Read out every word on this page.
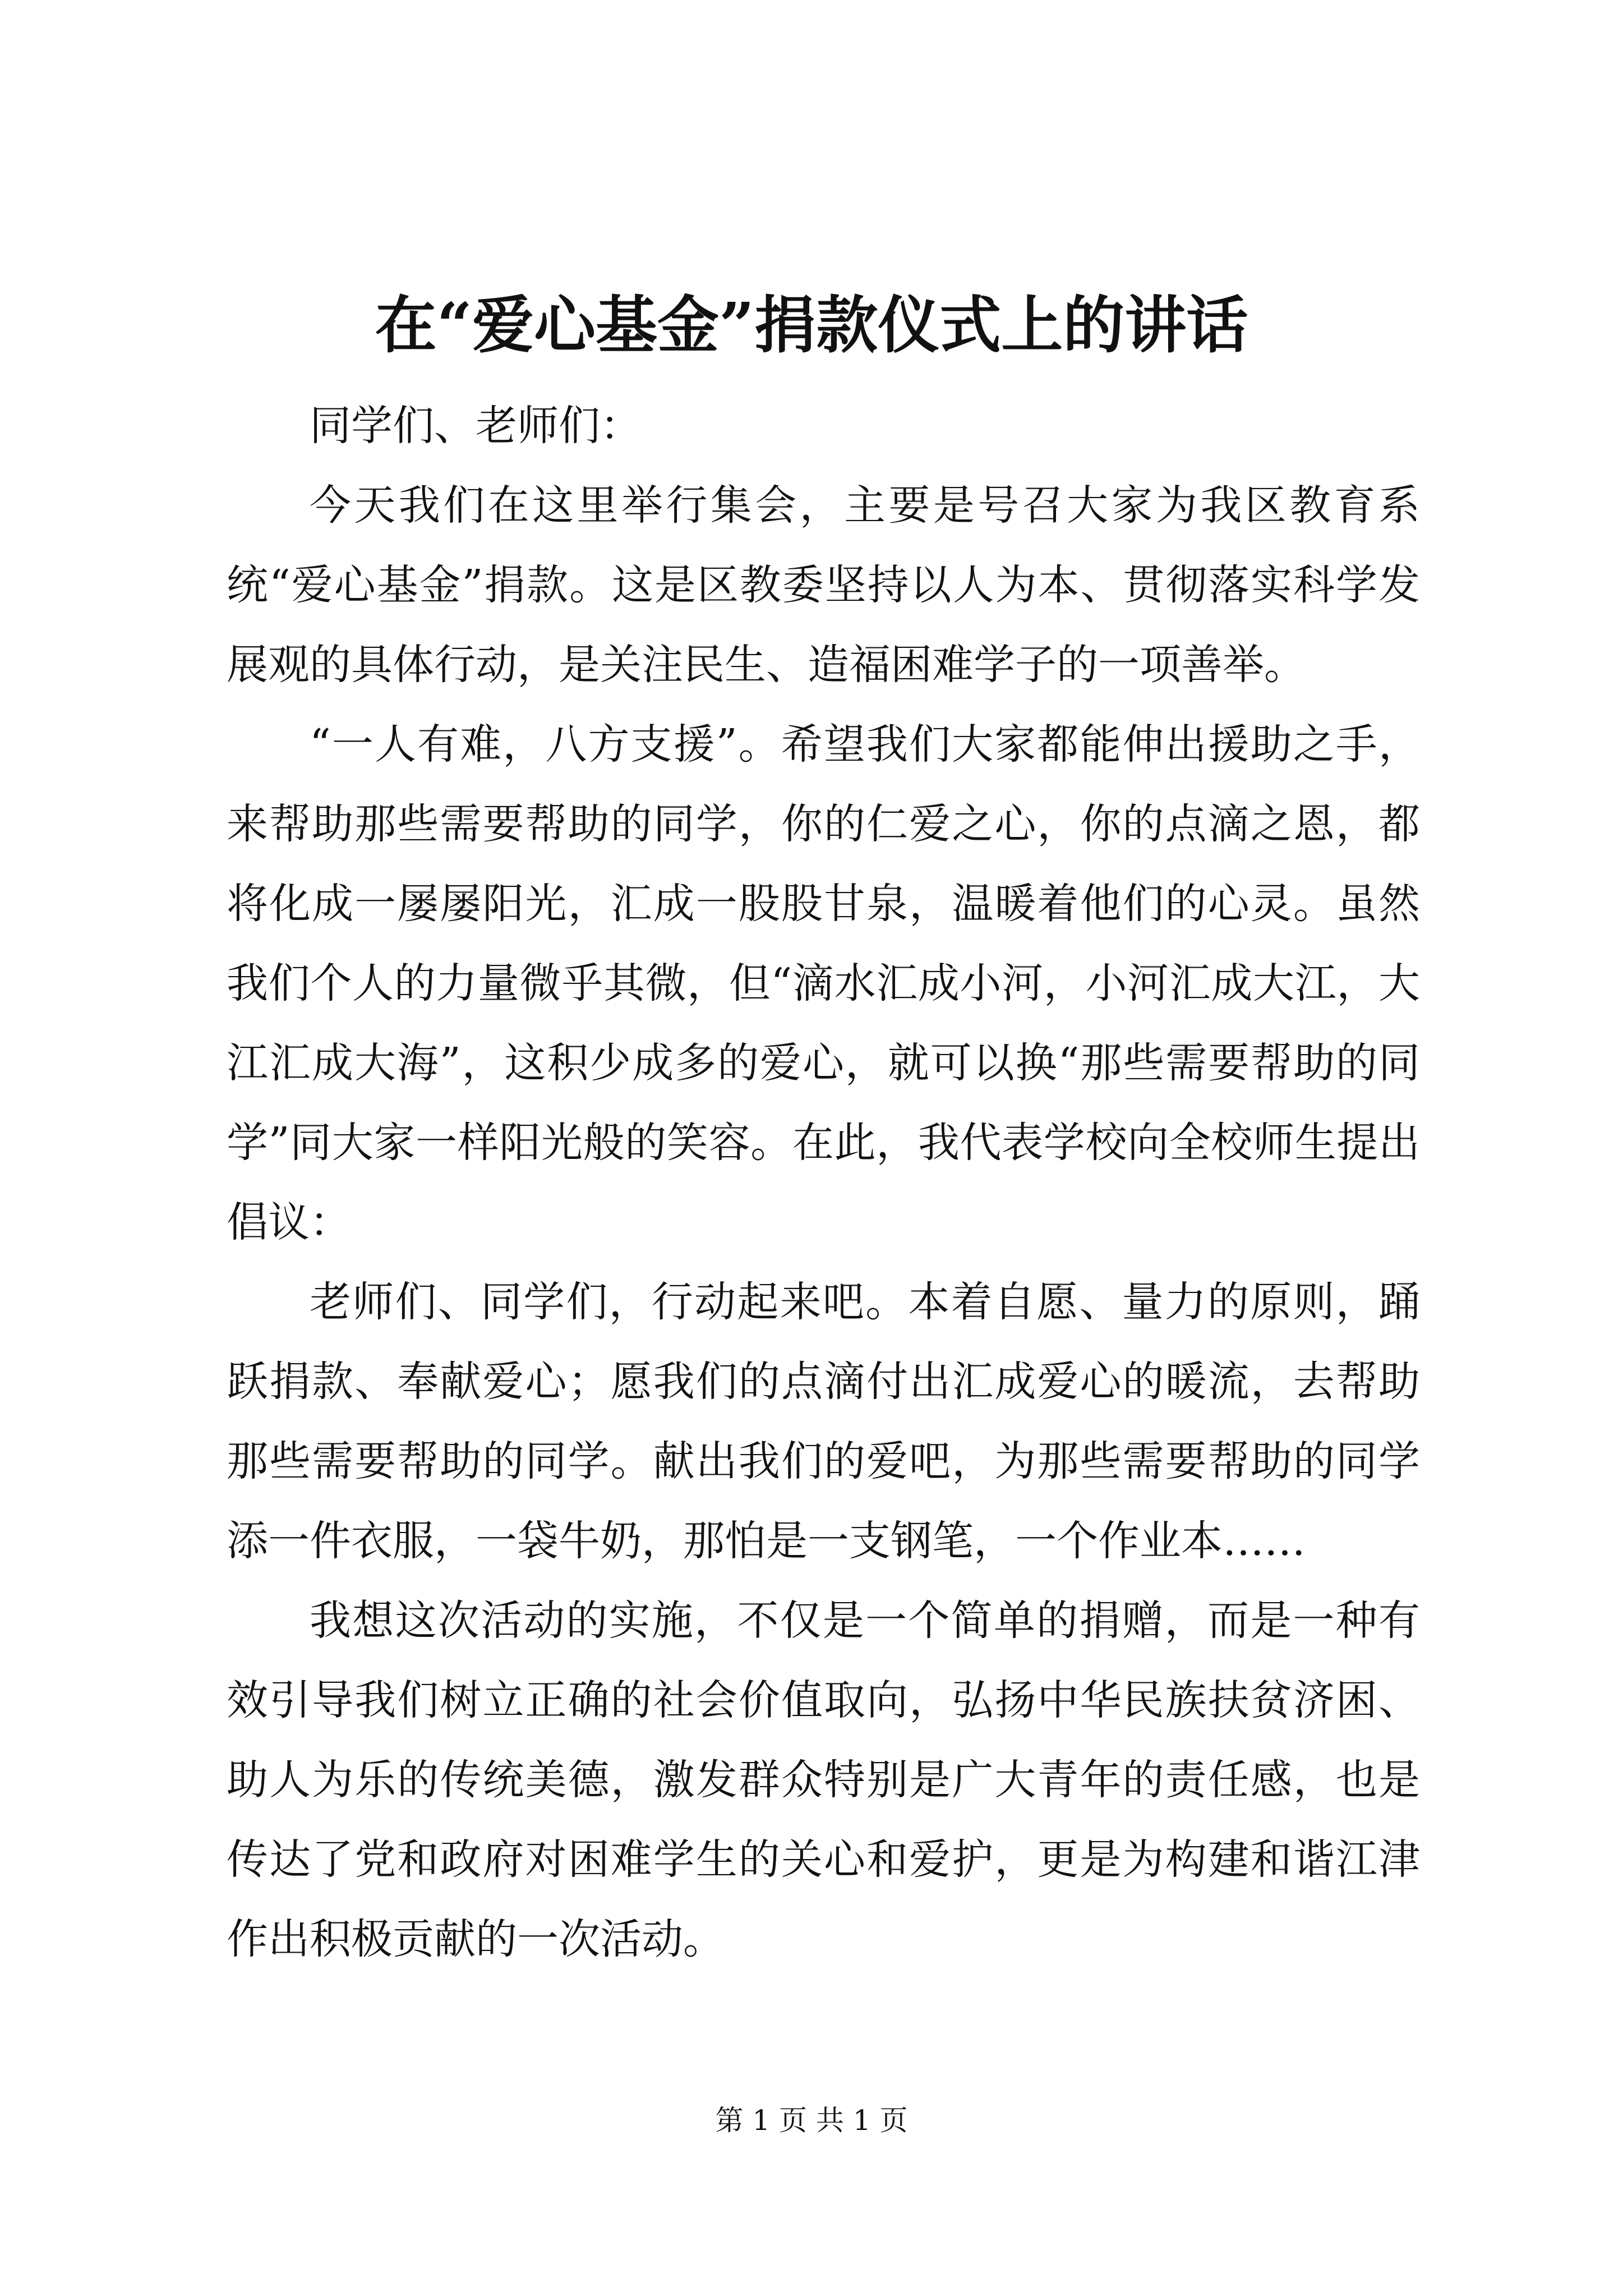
在“爱心基金”捐款仪式上的讲话

同学们、老师们：

今天我们在这里举行集会，主要是号召大家为我区教育系统“爱心基金”捐款。这是区教委坚持以人为本、贯彻落实科学发展观的具体行动，是关注民生、造福困难学子的一项善举。

“一人有难，八方支援”。希望我们大家都能伸出援助之手，来帮助那些需要帮助的同学，你的仁爱之心，你的点滴之恩，都将化成一屡屡阳光，汇成一股股甘泉，温暖着他们的心灵。虽然我们个人的力量微乎其微，但“滴水汇成小河，小河汇成大江，大江汇成大海”，这积少成多的爱心，就可以换“那些需要帮助的同学”同大家一样阳光般的笑容。在此，我代表学校向全校师生提出倡议：

老师们、同学们，行动起来吧。本着自愿、量力的原则，踊跃捐款、奉献爱心；愿我们的点滴付出汇成爱心的暖流，去帮助那些需要帮助的同学。献出我们的爱吧，为那些需要帮助的同学添一件衣服，一袋牛奶，那怕是一支钢笔，一个作业本……

我想这次活动的实施，不仅是一个简单的捐赠，而是一种有效引导我们树立正确的社会价值取向，弘扬中华民族扶贫济困、助人为乐的传统美德，激发群众特别是广大青年的责任感，也是传达了党和政府对困难学生的关心和爱护，更是为构建和谐江津作出积极贡献的一次活动。

第 1 页 共 1 页
